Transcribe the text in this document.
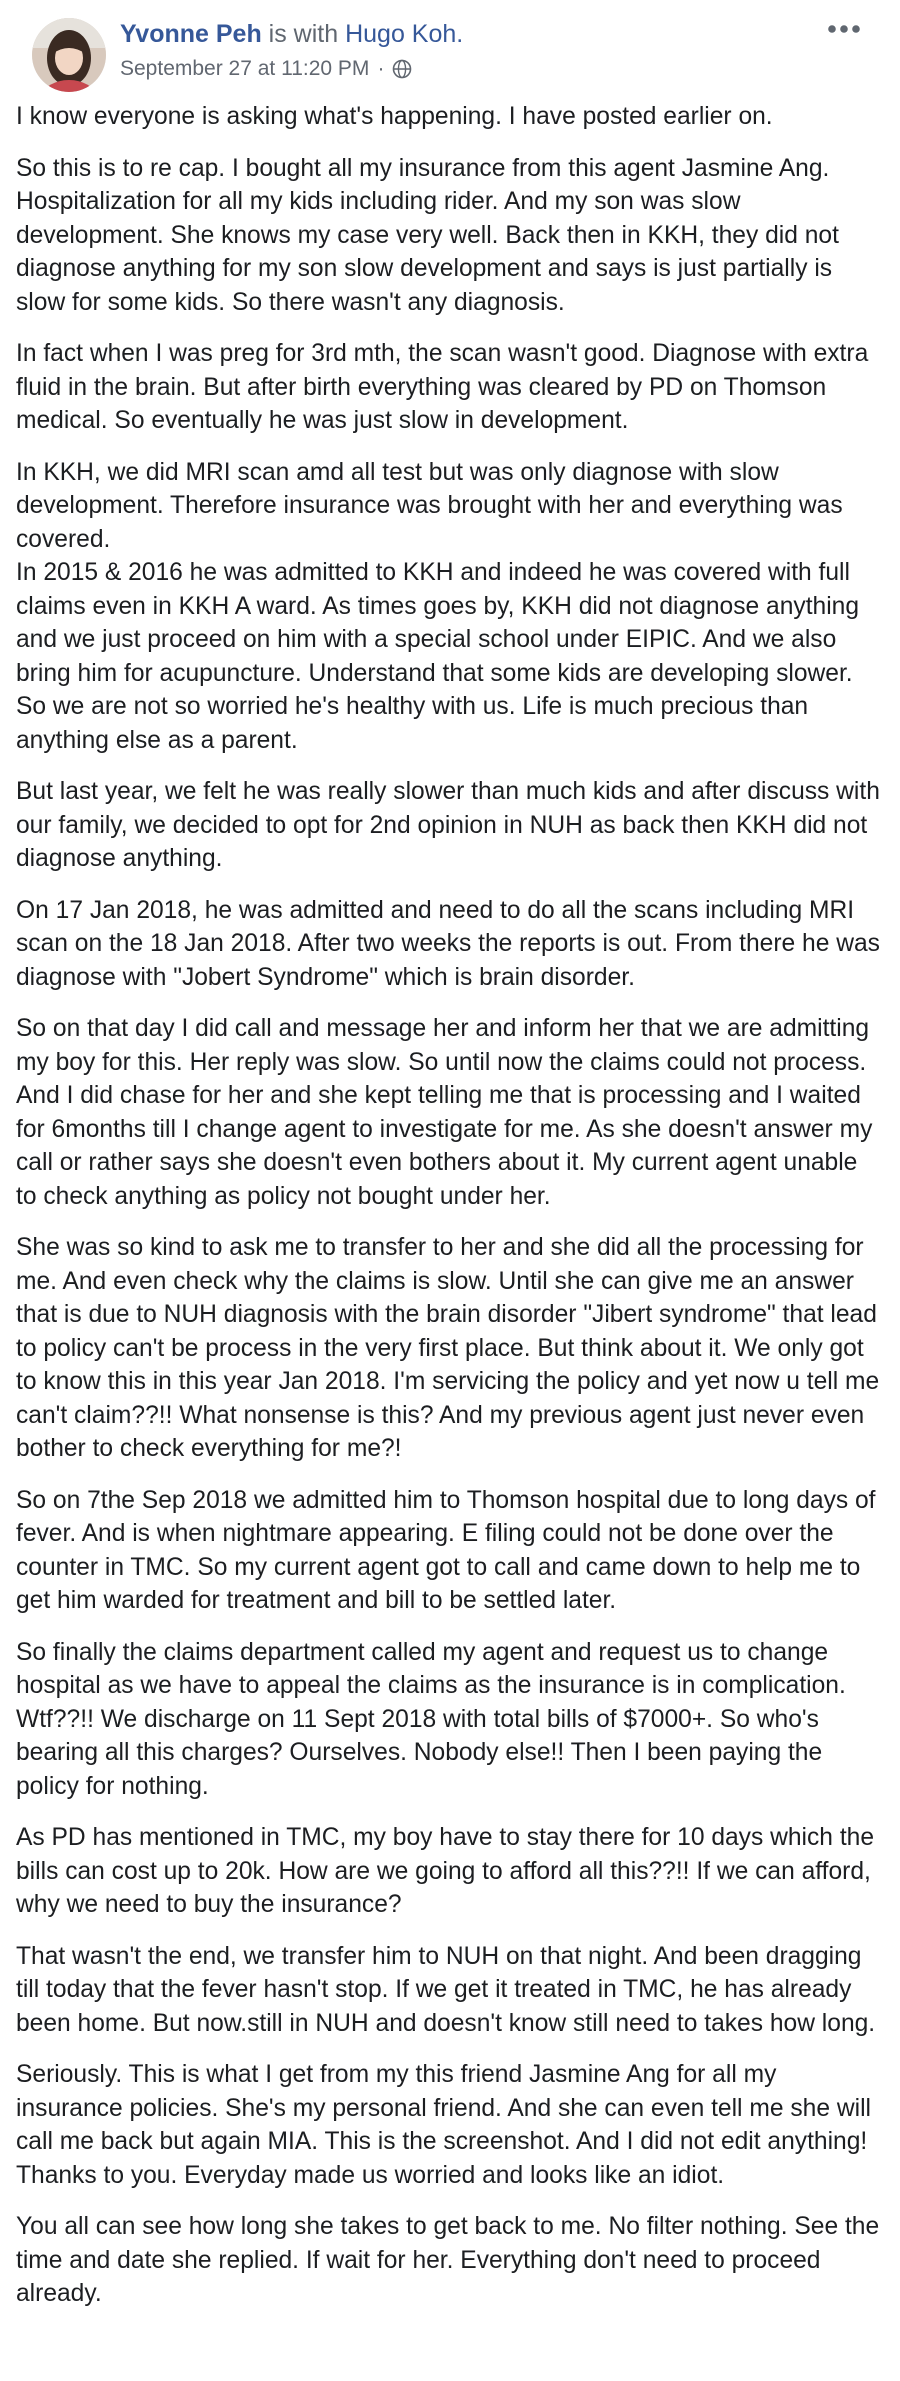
Yvonne Peh is with Hugo Koh.
September 27 at 11:20 PM ·

I know everyone is asking what's happening. I have posted earlier on.

So this is to re cap. I bought all my insurance from this agent Jasmine Ang. Hospitalization for all my kids including rider. And my son was slow development. She knows my case very well. Back then in KKH, they did not diagnose anything for my son slow development and says is just partially is slow for some kids. So there wasn't any diagnosis.

In fact when I was preg for 3rd mth, the scan wasn't good. Diagnose with extra fluid in the brain. But after birth everything was cleared by PD on Thomson medical. So eventually he was just slow in development.

In KKH, we did MRI scan amd all test but was only diagnose with slow development. Therefore insurance was brought with her and everything was covered.

In 2015 & 2016 he was admitted to KKH and indeed he was covered with full claims even in KKH A ward. As times goes by, KKH did not diagnose anything and we just proceed on him with a special school under EIPIC. And we also bring him for acupuncture. Understand that some kids are developing slower. So we are not so worried he's healthy with us. Life is much precious than anything else as a parent.

But last year, we felt he was really slower than much kids and after discuss with our family, we decided to opt for 2nd opinion in NUH as back then KKH did not diagnose anything.

On 17 Jan 2018, he was admitted and need to do all the scans including MRI scan on the 18 Jan 2018. After two weeks the reports is out. From there he was diagnose with "Jobert Syndrome" which is brain disorder.

So on that day I did call and message her and inform her that we are admitting my boy for this. Her reply was slow. So until now the claims could not process. And I did chase for her and she kept telling me that is processing and I waited for 6months till I change agent to investigate for me. As she doesn't answer my call or rather says she doesn't even bothers about it. My current agent unable to check anything as policy not bought under her.

She was so kind to ask me to transfer to her and she did all the processing for me. And even check why the claims is slow. Until she can give me an answer that is due to NUH diagnosis with the brain disorder "Jibert syndrome" that lead to policy can't be process in the very first place. But think about it. We only got to know this in this year Jan 2018. I'm servicing the policy and yet now u tell me can't claim??!! What nonsense is this? And my previous agent just never even bother to check everything for me?!

So on 7the Sep 2018 we admitted him to Thomson hospital due to long days of fever. And is when nightmare appearing. E filing could not be done over the counter in TMC. So my current agent got to call and came down to help me to get him warded for treatment and bill to be settled later.

So finally the claims department called my agent and request us to change hospital as we have to appeal the claims as the insurance is in complication. Wtf??!! We discharge on 11 Sept 2018 with total bills of $7000+. So who's bearing all this charges? Ourselves. Nobody else!! Then I been paying the policy for nothing.

As PD has mentioned in TMC, my boy have to stay there for 10 days which the bills can cost up to 20k. How are we going to afford all this??!! If we can afford, why we need to buy the insurance?

That wasn't the end, we transfer him to NUH on that night. And been dragging till today that the fever hasn't stop. If we get it treated in TMC, he has already been home. But now.still in NUH and doesn't know still need to takes how long.

Seriously. This is what I get from my this friend Jasmine Ang for all my insurance policies. She's my personal friend. And she can even tell me she will call me back but again MIA. This is the screenshot. And I did not edit anything! Thanks to you. Everyday made us worried and looks like an idiot.

You all can see how long she takes to get back to me. No filter nothing. See the time and date she replied. If wait for her. Everything don't need to proceed already.
